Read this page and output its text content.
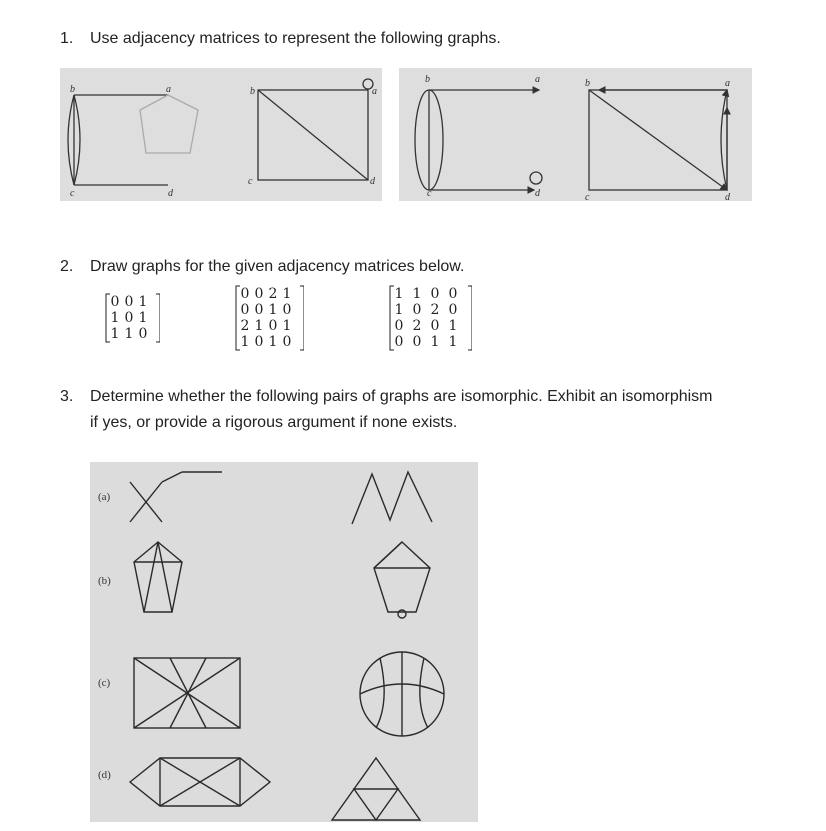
1. Use adjacency matrices to represent the following graphs.
b	a
c	d
b	a
c	d
b	a
c	d
b	a
c	d
2. Draw graphs for the given adjacency matrices below.
0 0 1
1 0 1
1 1 0
0 0 2 1
0 0 1 0
2 1 0 1
1 0 1 0
1 1 0 0
1 0 2 0
0 2 0 1
0 0 1 1
3. Determine whether the following pairs of graphs are isomorphic. Exhibit an isomorphism
if yes, or provide a rigorous argument if none exists.
(a)
(b)
(c)
(d)
